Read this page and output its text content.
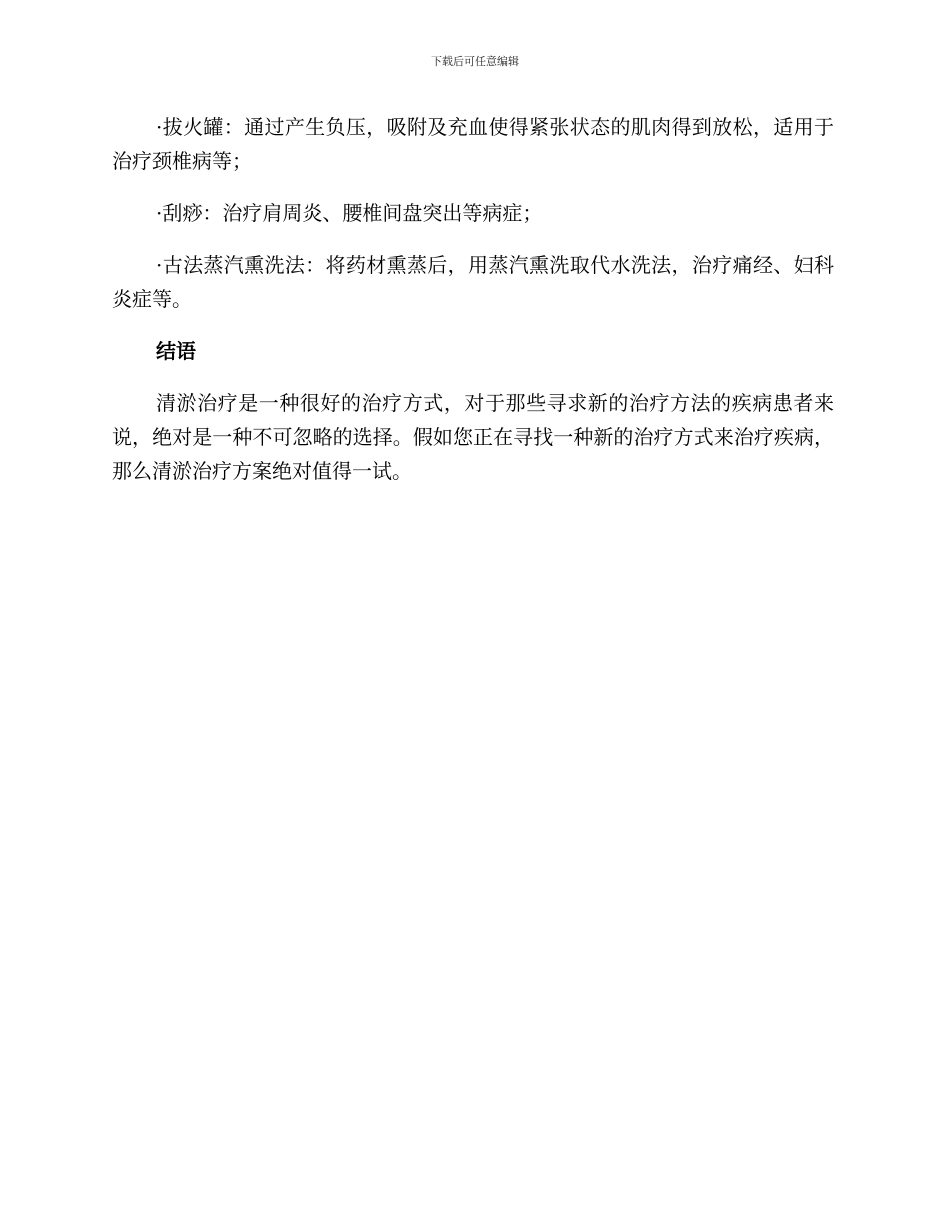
下载后可任意编辑

·拔火罐：通过产生负压，吸附及充血使得紧张状态的肌肉得到放松，适用于治疗颈椎病等；

·刮痧：治疗肩周炎、腰椎间盘突出等病症；

·古法蒸汽熏洗法：将药材熏蒸后，用蒸汽熏洗取代水洗法，治疗痛经、妇科炎症等。

结语

清淤治疗是一种很好的治疗方式，对于那些寻求新的治疗方法的疾病患者来说，绝对是一种不可忽略的选择。假如您正在寻找一种新的治疗方式来治疗疾病，那么清淤治疗方案绝对值得一试。
